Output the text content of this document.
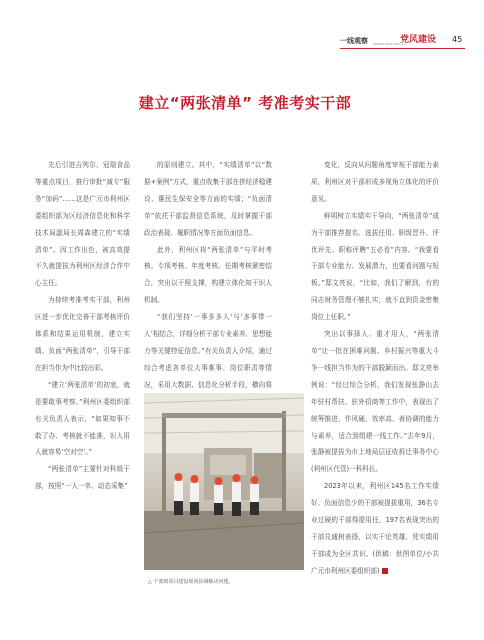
一线观察 www.scdjw.com.cn
党风建设 45
建立“两张清单” 考准考实干部

先后引进吉列尔、冠瑞食品等重点项目，推行审批“减专”服务“加码”……这是广元市利州区委组织部为区经济信息化和科学技术局副局长周森建立的“实绩清单”。因工作出色，被高效提不久就提拔为利州区经济合作中心主任。

为持续考准考实干部，利州区进一步优化完善干部考核评价体系和结果运用机制，建立实绩、负面“两张清单”，引导干部在担当作为中比较出彩。

“建立‘两张清单’的初衷，就是要敢事考察。”利州区委组织部有关负责人表示，“如果知事不敢了办、考核就不能准，识人用人就容易‘空对空’。”

“两张清单”主要针对科级干部，按照“一人一单、动态采集”

的原则建立。其中，“实绩清单”以“数据+案例”方式，重点收集干部在拼经济稳建设、惠民生保安全等方面的实绩；“负面清单”依托干部监督信息系统，及时掌握干部政治表现、履职情况等方面负面信息。

此外，利州区将“两张清单”与平时考核、专项考核、年度考核、任期考核紧密结合，突出以干照支撑，构建立体化知干识人机制。

“我们坚持‘一事多多人’与‘多事带一人’相结合，详细分析干部专业素养、思想能力等关键特征信息。”有关负责人介绍，通过综合考虑各单位大事难事、岗位职责等情况，采用大数据、信息化分析手段，横向将

变化，反向从问题角度审视干部能力素质，利州区对干部形成多视角立体化的评价意见。

鲜明树立实绩实干导向，“两张清单”成为干部推荐提名、选拔任用、职级晋升、评优评先、职称评聘“五必看”内容。“我要看干部专业能力、发展潜力，也要看问题与短板。”邸文亮说，“比如，我们了解到，有的同志财务管理不够扎实，就不直到资金密集岗位上任职。”

突出以事择人、重才用人，“两张清单”让一批在困难问题、乡村振兴等重大斗争一线担当作为的干部脱颖而出。邸文亮举例说：“经过综合分析，我们发现张静山去年驻村帮扶、驻外招商等工作中，表现出了统筹推进、作风硬、效率高、善协调的能力与素养，适合到组建一线工作。”去年9月，张静被提拔为市上地局层征收拆迁事务中心(利州区代管)一科科长。

2023年以来，利州区145名工作实绩好、负面信息少的干部被提拔重用，36名专业过硬的干部得提用任，197名表现突出的干部兑通树表扬，以实干论英雄、凭实绩用干部成为全区共识。(供稿：供图单位/小共广元市利州区委组织部)

△ 干部到项目建设现场协调解决问题。
